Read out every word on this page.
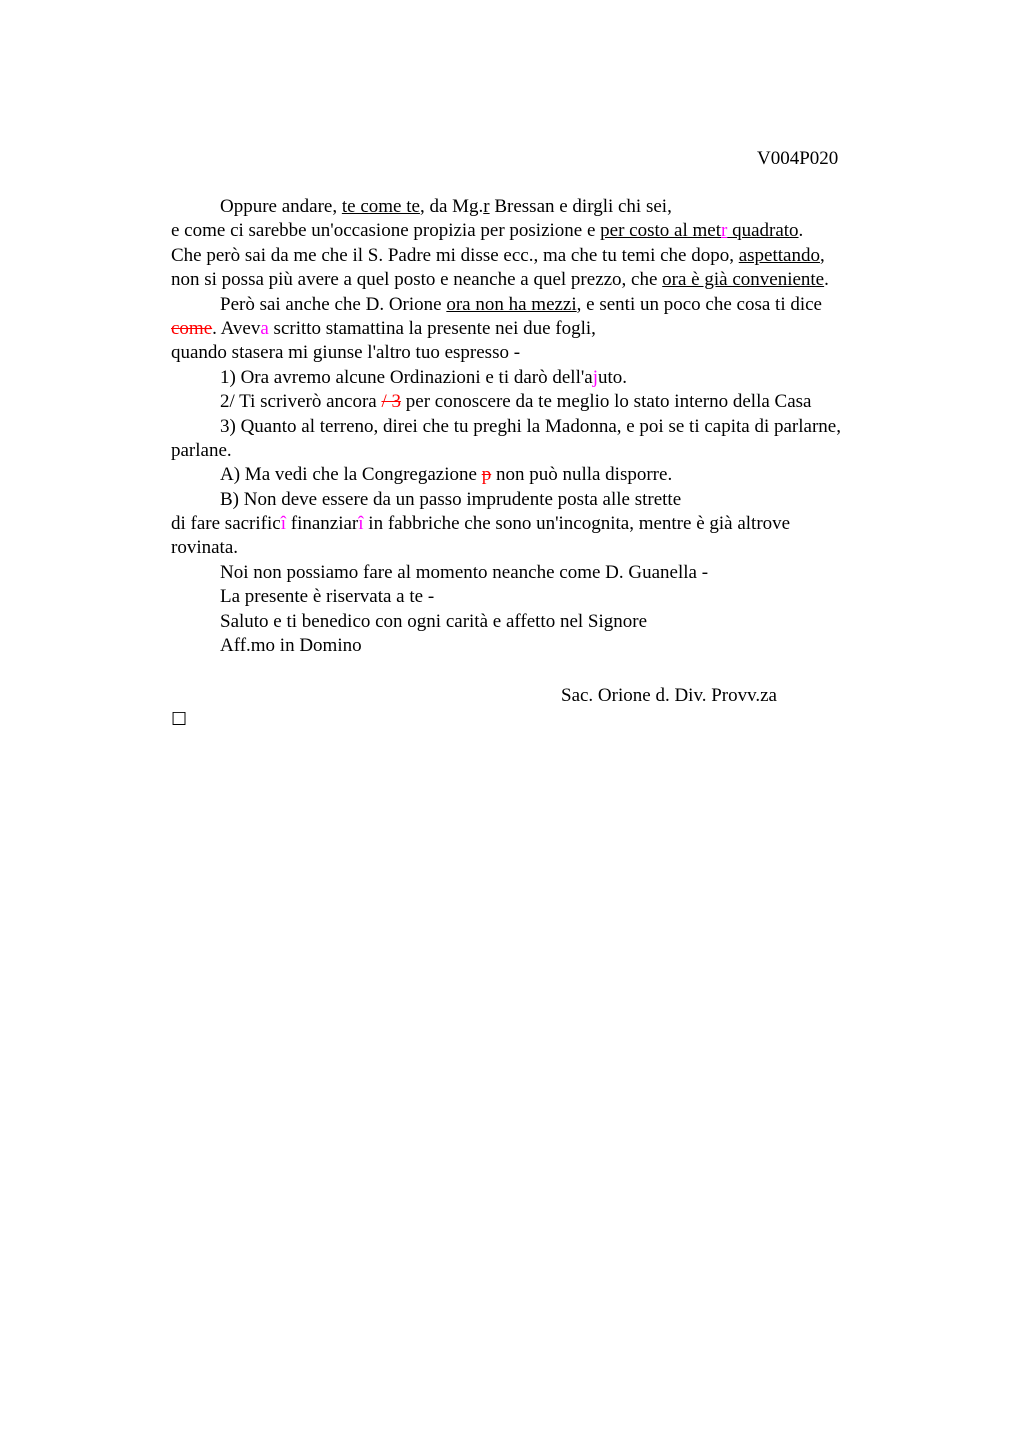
V004P020
Oppure andare, te come te, da Mg.r Bressan e dirgli chi sei,
e come ci sarebbe un'occasione propizia per posizione e per costo al metr quadrato.
Che però sai da me che il S. Padre mi disse ecc., ma che tu temi che dopo, aspettando,
non si possa più avere a quel posto e neanche a quel prezzo, che ora è già conveniente.
Però sai anche che D. Orione ora non ha mezzi, e senti un poco che cosa ti dice
come. Aveva scritto stamattina la presente nei due fogli,
quando stasera mi giunse l'altro tuo espresso -
1) Ora avremo alcune Ordinazioni e ti darò dell'ajuto.
2/ Ti scriverò ancora / 3 per conoscere da te meglio lo stato interno della Casa
3) Quanto al terreno, direi che tu preghi la Madonna, e poi se ti capita di parlarne,
parlane.
A) Ma vedi che la Congregazione p non può nulla disporre.
B) Non deve essere da un passo imprudente posta alle strette
di fare sacrificî finanziarî in fabbriche che sono un'incognita, mentre è già altrove
rovinata.
Noi non possiamo fare al momento neanche come D. Guanella -
La presente è riservata a te -
Saluto e ti benedico con ogni carità e affetto nel Signore
Aff.mo in Domino
Sac. Orione d. Div. Provv.za
☐
